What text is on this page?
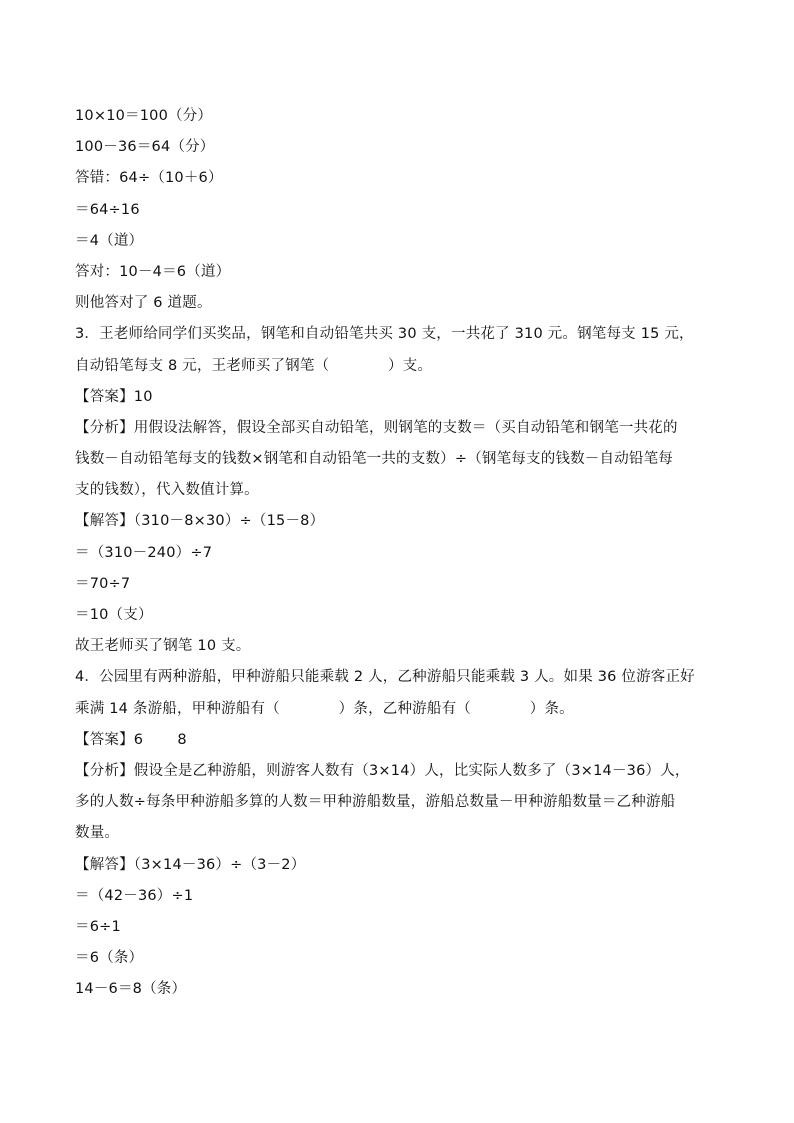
10×10＝100（分）
100－36＝64（分）
答错：64÷（10＋6）
＝64÷16
＝4（道）
答对：10－4＝6（道）
则他答对了 6 道题。
3．王老师给同学们买奖品，钢笔和自动铅笔共买 30 支，一共花了 310 元。钢笔每支 15 元，
自动铅笔每支 8 元，王老师买了钢笔（　　　　）支。
【答案】10
【分析】用假设法解答，假设全部买自动铅笔，则钢笔的支数＝（买自动铅笔和钢笔一共花的
钱数－自动铅笔每支的钱数×钢笔和自动铅笔一共的支数）÷（钢笔每支的钱数－自动铅笔每
支的钱数），代入数值计算。
【解答】（310－8×30）÷（15－8）
＝（310－240）÷7
＝70÷7
＝10（支）
故王老师买了钢笔 10 支。
4．公园里有两种游船，甲种游船只能乘载 2 人，乙种游船只能乘载 3 人。如果 36 位游客正好
乘满 14 条游船，甲种游船有（　　　　）条，乙种游船有（　　　　）条。
【答案】6　　 8
【分析】假设全是乙种游船，则游客人数有（3×14）人，比实际人数多了（3×14－36）人，
多的人数÷每条甲种游船多算的人数＝甲种游船数量，游船总数量－甲种游船数量＝乙种游船
数量。
【解答】（3×14－36）÷（3－2）
＝（42－36）÷1
＝6÷1
＝6（条）
14－6＝8（条）
